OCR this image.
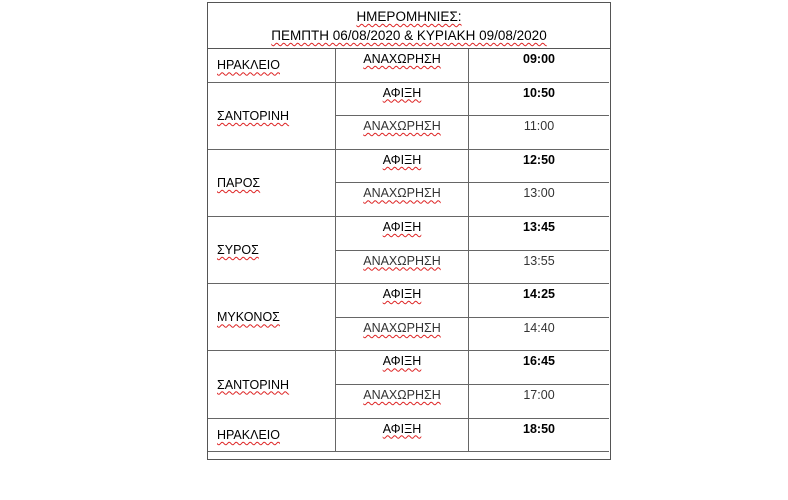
ΗΜΕΡΟΜΗΝΙΕΣ:
ΠΕΜΠΤΗ 06/08/2020 & ΚΥΡΙΑΚΗ 09/08/2020
ΗΡΑΚΛΕΙΟ	ΑΝΑΧΩΡΗΣΗ	09:00
ΣΑΝΤΟΡΙΝΗ
ΑΦΙΞΗ	10:50
ΑΝΑΧΩΡΗΣΗ	11:00
ΠΑΡΟΣ
ΑΦΙΞΗ	12:50
ΑΝΑΧΩΡΗΣΗ	13:00
ΣΥΡΟΣ
ΑΦΙΞΗ	13:45
ΑΝΑΧΩΡΗΣΗ	13:55
ΜΥΚΟΝΟΣ
ΑΦΙΞΗ	14:25
ΑΝΑΧΩΡΗΣΗ	14:40
ΣΑΝΤΟΡΙΝΗ
ΑΦΙΞΗ	16:45
ΑΝΑΧΩΡΗΣΗ	17:00
ΗΡΑΚΛΕΙΟ	ΑΦΙΞΗ	18:50
